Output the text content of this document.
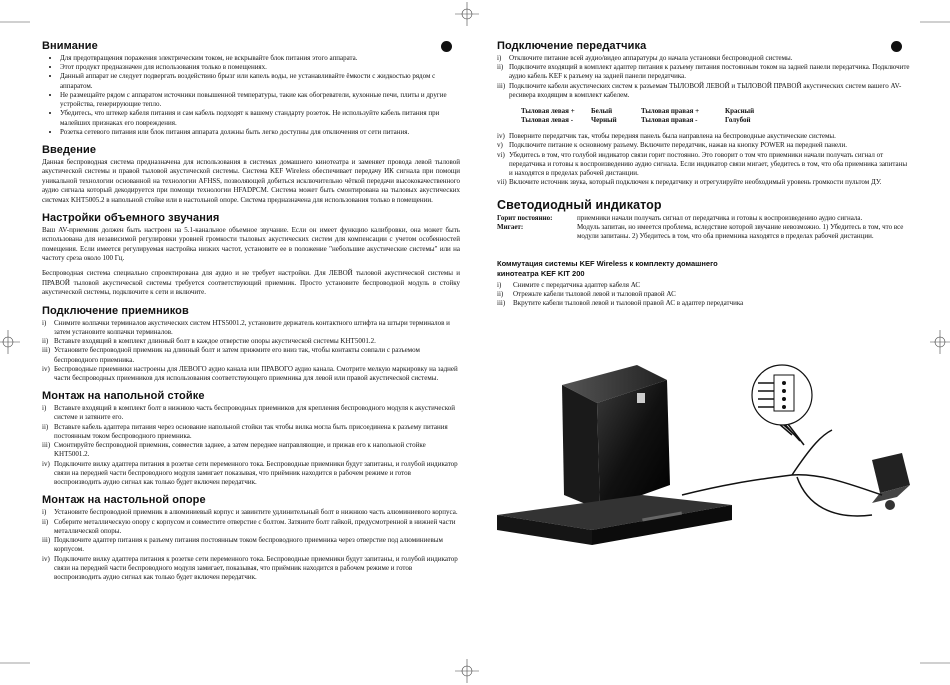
Внимание
• Для предотвращения поражения электрическим током, не вскрывайте блок питания этого аппарата.
• Этот продукт предназначен для использования только в помещениях.
• Данный аппарат не следует подвергать воздействию брызг или капель воды, не устанавливайте ёмкости с жидкостью рядом с аппаратом.
• Не размещайте рядом с аппаратом источники повышенной температуры, такие как обогреватели, кухонные печи, плиты и другие устройства, генерирующие тепло.
• Убедитесь, что штекер кабеля питания и сам кабель подходят к вашему стандарту розеток. Не используйте кабель питания при малейших признаках его повреждения.
• Розетка сетевого питания или блок питания аппарата должны быть легко доступны для отключения от сети питания.
Введение

Данная беспроводная система предназначена для использования в системах домашнего кинотеатра и заменяет провода левой тыловой акустической системы и правой тыловой акустической системы. Система KEF Wireless обеспечивает передачу ИК сигнала при помощи уникальной технологии основанной на технологии AFHSS, позволяющей добиться исключительно чёткой передачи высококачественного аудио сигнала который декодируется при помощи технологии HFADPCM. Система может быть смонтирована на тыловых акустических системах KHT5005.2 в напольной стойке или в настольной опоре. Система предназначена для использования только в помещении.

Настройки объемного звучания

Ваш AV-приемник должен быть настроен на 5.1-канальное объемное звучание. Если он имеет функцию калибровки, она может быть использована для независимой регулировки уровней громкости тыловых акустических систем для компенсации с учетом особенностей помещения. Если имеется регулируемая настройка низких частот, установите ее в положение "небольшие акустические системы" или на частоту среза около 100 Гц.

Беспроводная система специально спроектирована для аудио и не требует настройки. Для ЛЕВОЙ тыловой акустической системы и ПРАВОЙ тыловой акустической системы требуется соответствующий приемник. Просто установите беспроводной модуль в стойку акустической системы, подключите к сети и включите.

Подключение приемников
i)	Снимите колпачки терминалов акустических систем HTS5001.2, установите держатель контактного штифта на штыри терминалов и затем установите колпачки терминалов.
ii) Вставьте входящий в комплект длинный болт в каждое отверстие опоры акустической системы KHT5001.2.
iii) Установите беспроводной приемник на длинный болт и затем прижмите его вниз так, чтобы контакты совпали с разъемом беспроводного приемника.
iv) Беспроводные приемники настроены для ЛЕВОГО аудио канала или ПРАВОГО аудио канала. Смотрите мелкую маркировку на задней части беспроводных приемников для использования соответствующего приемника для левой или правой акустической системы.
Монтаж на напольной стойке
i)	Вставьте входящий в комплект болт в нижнюю часть беспроводных приемников для крепления беспроводного модуля к акустической системе и затяните его.
ii) Вставьте кабель адаптера питания через основание напольной стойки так чтобы вилка могла быть присоединена к разъему питания постоянным током беспроводного приемника.
iii) Смонтируйте беспроводной приемник, совместив заднее, а затем переднее направляющие, и прижав его к напольной стойке KHT5001.2.
iv) Подключите вилку адаптера питания в розетке сети переменного тока. Беспроводные приемники будут запитаны, и голубой индикатор связи на передней части беспроводного модуля замигает показывая, что приёмник находится в рабочем режиме и готов воспроизводить аудио сигнал как только будет включен передатчик.
Монтаж на настольной опоре
i)	Установите беспроводной приемник в алюминиевый корпус и завинтите удлинительный болт в нижнюю часть алюминиевого корпуса.
ii) Соберите металлическую опору с корпусом и совместите отверстие с болтом. Затяните болт гайкой, предусмотренной в нижней части металлической опоры.
iii) Подключите адаптер питания к разъему питания постоянным током беспроводного приемника через отверстие под алюминиевым корпусом.
iv) Подключите вилку адаптера питания к розетке сети переменного тока. Беспроводные приемники будут запитаны, и голубой индикатор связи на передней части беспроводного модуля замигает, показывая, что приёмник находится в рабочем режиме и готов воспроизводить аудио сигнал как только будет включен передатчик.
Подключение передатчика
i)	Отключите питание всей аудио/видео аппаратуры до начала установки беспроводной системы.
ii) Подключите входящий в комплект адаптер питания к разъему питания постоянным током на задней панели передатчика. Подключите аудио кабель KEF к разъему на задней панели передатчика.
iii) Подключите кабели акустических систем к разъемам ТЫЛОВОЙ ЛЕВОЙ и ТЫЛОВОЙ ПРАВОЙ акустических систем вашего AV-ресивера входящим в комплект кабелем.
Тыловая левая +	Белый	Тыловая правая +	Красный
Тыловая левая -	Черный	Тыловая правая -	Голубой
iv) Поверните передатчик так, чтобы передняя панель была направлена на беспроводные акустические системы.
v) Подключите питание к основному разъему. Включите передатчик, нажав на кнопку POWER на передней панели.
vi) Убедитесь в том, что голубой индикатор связи горит постоянно. Это говорит о том что приемники начали получать сигнал от передатчика и готовы к воспроизведению аудио сигнала. Если индикатор связи мигает, убедитесь в том, что оба приемника запитаны и находятся в пределах рабочей дистанции.
vii) Включите источник звука, который подключен к передатчику и отрегулируйте необходимый уровень громкости пультом ДУ.
Светодиодный индикатор
Горит постоянно:	приемники начали получать сигнал от передатчика и готовы к воспроизведению аудио сигнала.
Мигает:	Модуль запитан, но имеется проблема, вследствие которой звучание невозможно. 1) Убедитесь в том, что все модули запитаны. 2) Убедитесь в том, что оба приемника находятся в пределах рабочей дистанции.
Коммутация системы KEF Wireless к комплекту домашнего кинотеатра KEF KIT 200
i)	Снимите с передатчика адаптер кабеля АС
ii)	Отрежьте кабели тыловой левой и тыловой правой АС
iii)	Вкрутите кабели тыловой левой и тыловой правой АС в адаптер передатчика
